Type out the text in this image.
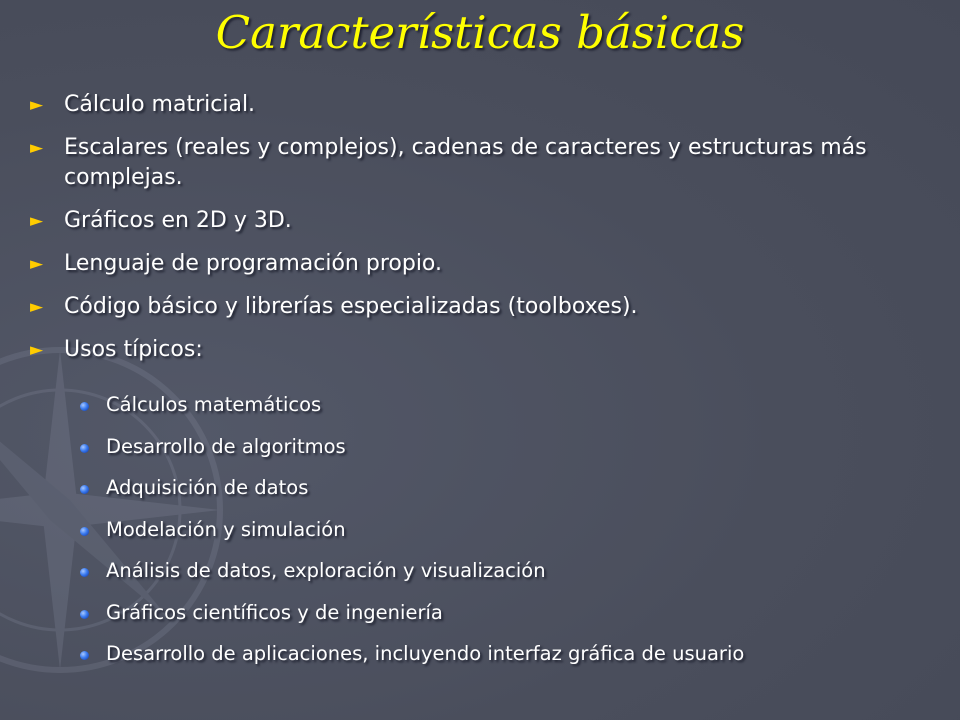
Características básicas
► Cálculo matricial.
► Escalares (reales y complejos), cadenas de caracteres y estructuras más complejas.
► Gráficos en 2D y 3D.
► Lenguaje de programación propio.
► Código básico y librerías especializadas (toolboxes).
► Usos típicos:
Cálculos matemáticos
Desarrollo de algoritmos
Adquisición de datos
Modelación y simulación
Análisis de datos, exploración y visualización
Gráficos científicos y de ingeniería
Desarrollo de aplicaciones, incluyendo interfaz gráfica de usuario
